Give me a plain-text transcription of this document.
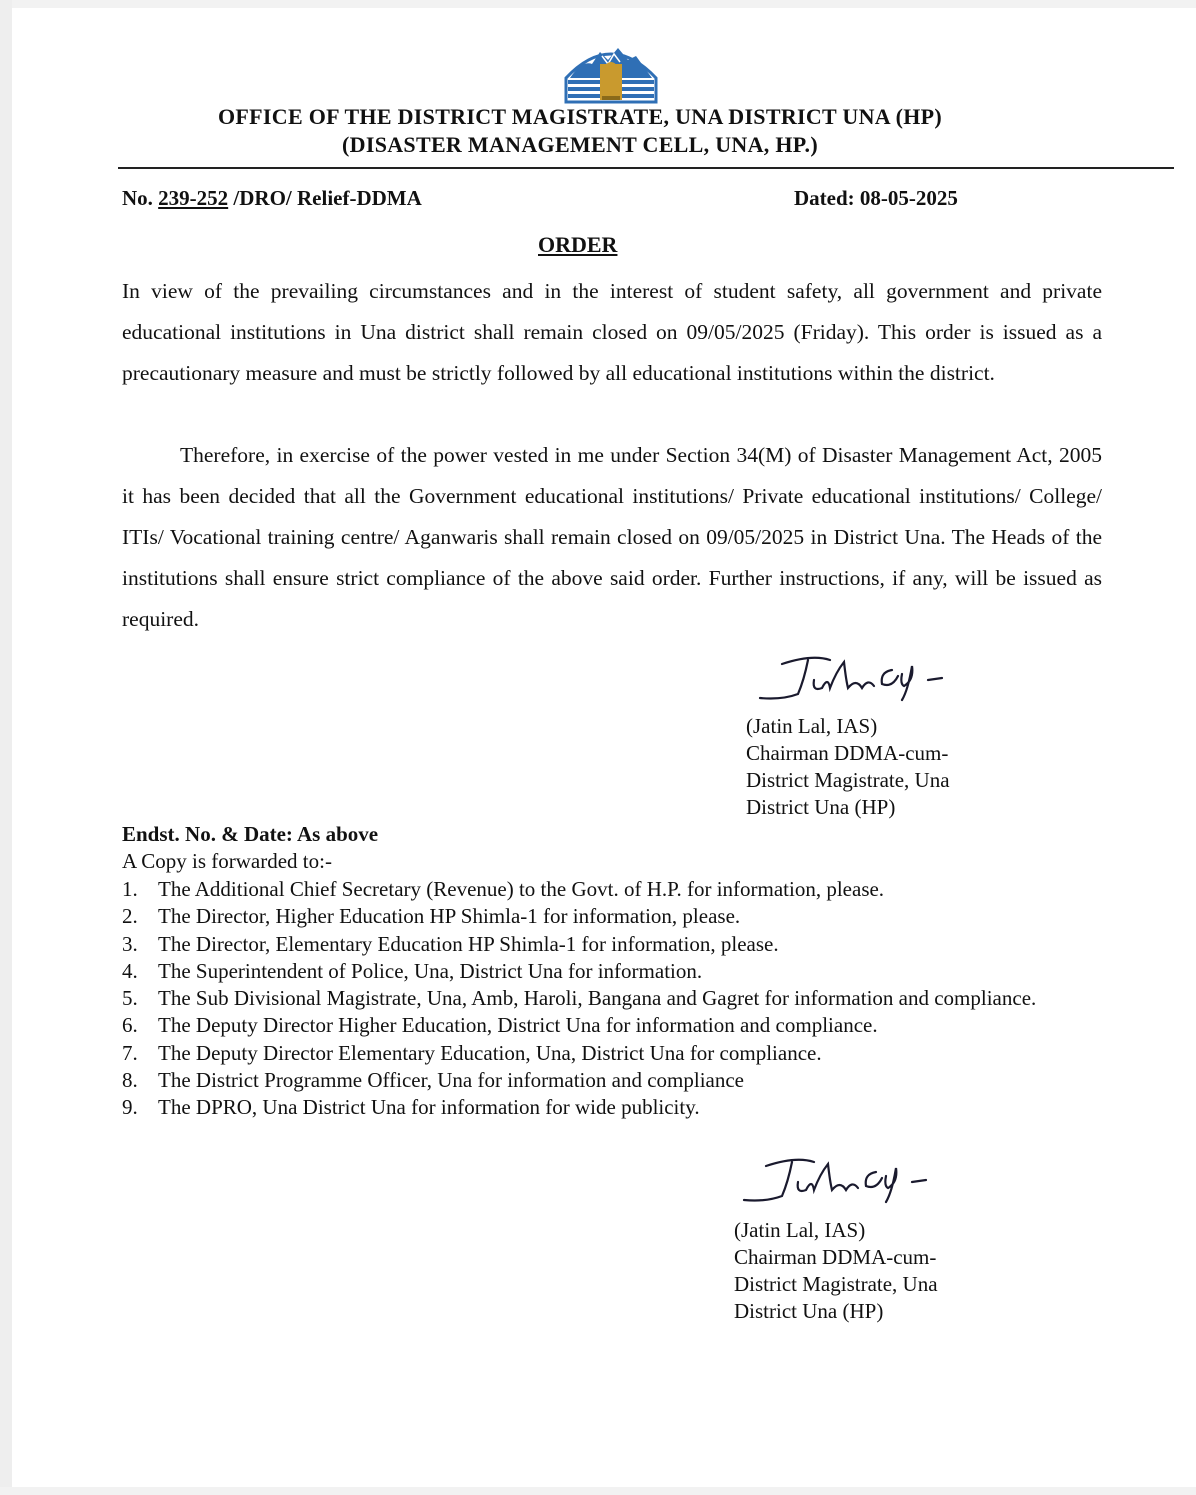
OFFICE OF THE DISTRICT MAGISTRATE, UNA DISTRICT UNA (HP)
(DISASTER MANAGEMENT CELL, UNA, HP.)
No. 239-252 /DRO/ Relief-DDMA	Dated: 08-05-2025
ORDER

In view of the prevailing circumstances and in the interest of student safety, all government and private educational institutions in Una district shall remain closed on 09/05/2025 (Friday). This order is issued as a precautionary measure and must be strictly followed by all educational institutions within the district.

Therefore, in exercise of the power vested in me under Section 34(M) of Disaster Management Act, 2005 it has been decided that all the Government educational institutions/ Private educational institutions/ College/ ITIs/ Vocational training centre/ Aganwaris shall remain closed on 09/05/2025 in District Una. The Heads of the institutions shall ensure strict compliance of the above said order. Further instructions, if any, will be issued as required.

(Jatin Lal, IAS)
Chairman DDMA-cum-
District Magistrate, Una
District Una (HP)
Endst. No. & Date: As above
A Copy is forwarded to:-
1. The Additional Chief Secretary (Revenue) to the Govt. of H.P. for information, please.
2. The Director, Higher Education HP Shimla-1 for information, please.
3. The Director, Elementary Education HP Shimla-1 for information, please.
4. The Superintendent of Police, Una, District Una for information.
5. The Sub Divisional Magistrate, Una, Amb, Haroli, Bangana and Gagret for information and compliance.
6. The Deputy Director Higher Education, District Una for information and compliance.
7. The Deputy Director Elementary Education, Una, District Una for compliance.
8. The District Programme Officer, Una for information and compliance
9. The DPRO, Una District Una for information for wide publicity.
(Jatin Lal, IAS)
Chairman DDMA-cum-
District Magistrate, Una
District Una (HP)
